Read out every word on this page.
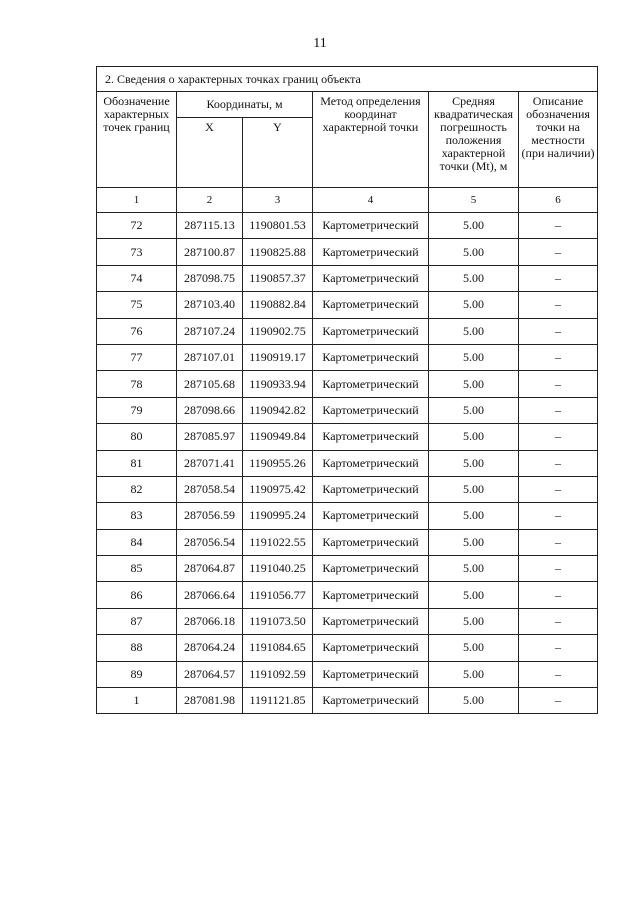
11
2. Сведения о характерных точках границ объекта					
Обозначение характерных точек границ	Координаты, м		Метод определения координат характерной точки	Средняя квадратическая погрешность положения характерной точки (Mt), м	Описание обозначения точки на местности (при наличии)
	X	Y			
1	2	3	4	5	6
72	287115.13	1190801.53	Картометрический	5.00	–
73	287100.87	1190825.88	Картометрический	5.00	–
74	287098.75	1190857.37	Картометрический	5.00	–
75	287103.40	1190882.84	Картометрический	5.00	–
76	287107.24	1190902.75	Картометрический	5.00	–
77	287107.01	1190919.17	Картометрический	5.00	–
78	287105.68	1190933.94	Картометрический	5.00	–
79	287098.66	1190942.82	Картометрический	5.00	–
80	287085.97	1190949.84	Картометрический	5.00	–
81	287071.41	1190955.26	Картометрический	5.00	–
82	287058.54	1190975.42	Картометрический	5.00	–
83	287056.59	1190995.24	Картометрический	5.00	–
84	287056.54	1191022.55	Картометрический	5.00	–
85	287064.87	1191040.25	Картометрический	5.00	–
86	287066.64	1191056.77	Картометрический	5.00	–
87	287066.18	1191073.50	Картометрический	5.00	–
88	287064.24	1191084.65	Картометрический	5.00	–
89	287064.57	1191092.59	Картометрический	5.00	–
1	287081.98	1191121.85	Картометрический	5.00	–
